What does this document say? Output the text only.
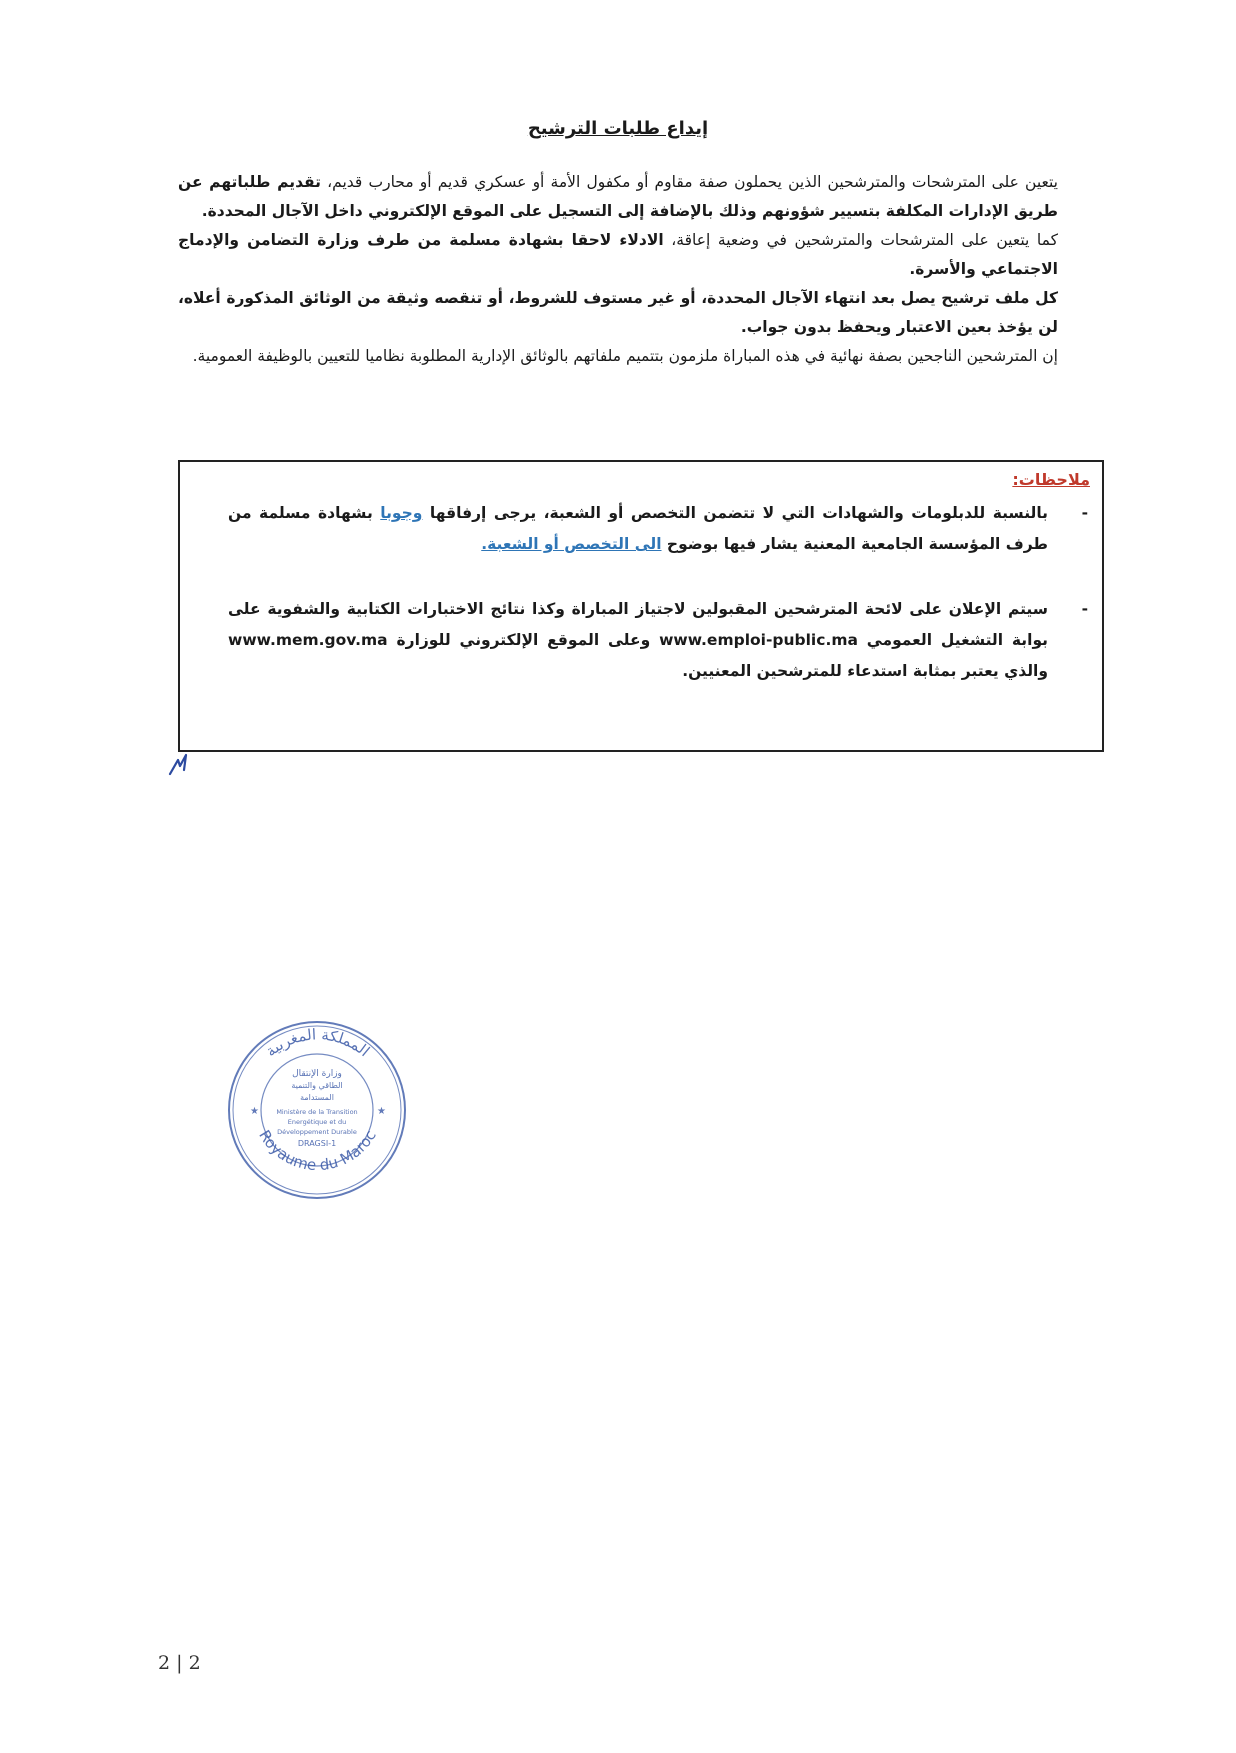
إيداع طلبات الترشيح

يتعين على المترشحات والمترشحين الذين يحملون صفة مقاوم أو مكفول الأمة أو عسكري قديم أو محارب قديم، تقديم طلباتهم عن طريق الإدارات المكلفة بتسيير شؤونهم وذلك بالإضافة إلى التسجيل على الموقع الإلكتروني داخل الآجال المحددة.

كما يتعين على المترشحات والمترشحين في وضعية إعاقة، الادلاء لاحقا بشهادة مسلمة من طرف وزارة التضامن والإدماج الاجتماعي والأسرة.

كل ملف ترشيح يصل بعد انتهاء الآجال المحددة، أو غير مستوف للشروط، أو تنقصه وثيقة من الوثائق المذكورة أعلاه، لن يؤخذ بعين الاعتبار ويحفظ بدون جواب.

إن المترشحين الناجحين بصفة نهائية في هذه المباراة ملزمون بتتميم ملفاتهم بالوثائق الإدارية المطلوبة نظاميا للتعيين بالوظيفة العمومية.

ملاحظات:
-
بالنسبة للدبلومات والشهادات التي لا تتضمن التخصص أو الشعبة، يرجى إرفاقها وجوبا بشهادة مسلمة من طرف المؤسسة الجامعية المعنية يشار فيها بوضوح الى التخصص أو الشعبة.
-
سيتم الإعلان على لائحة المترشحين المقبولين لاجتياز المباراة وكذا نتائج الاختبارات الكتابية والشفوية على بوابة التشغيل العمومي www.emploi-public.ma وعلى الموقع الإلكتروني للوزارة www.mem.gov.ma والذي يعتبر بمثابة استدعاء للمترشحين المعنيين.
المملكة المغربية
Royaume du Maroc
★	★
وزارة الإنتقال
الطاقي والتنمية
المستدامة
Ministère de la Transition
Energétique et du
Développement Durable
DRAGSI-1
2 | 2
